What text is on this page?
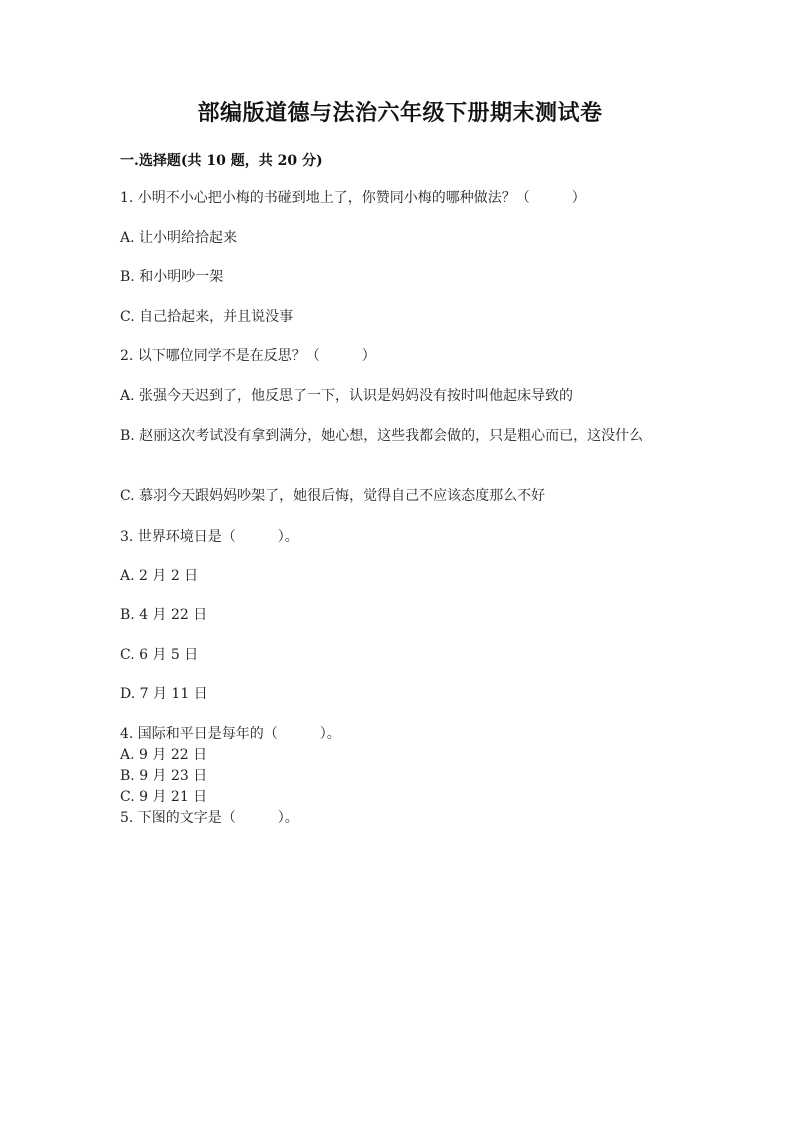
部编版道德与法治六年级下册期末测试卷
一.选择题(共 10 题，共 20 分)
1. 小明不小心把小梅的书碰到地上了，你赞同小梅的哪种做法？（　　　）
A. 让小明给拾起来
B. 和小明吵一架
C. 自己拾起来，并且说没事
2. 以下哪位同学不是在反思？（　　　）
A. 张强今天迟到了，他反思了一下，认识是妈妈没有按时叫他起床导致的
B. 赵丽这次考试没有拿到满分，她心想，这些我都会做的，只是粗心而已，这没什么
C. 慕羽今天跟妈妈吵架了，她很后悔，觉得自己不应该态度那么不好
3. 世界环境日是（　　　）。
A. 2 月 2 日
B. 4 月 22 日
C. 6 月 5 日
D. 7 月 11 日
4. 国际和平日是每年的（　　　）。
A. 9 月 22 日
B. 9 月 23 日
C. 9 月 21 日
5. 下图的文字是（　　　）。
